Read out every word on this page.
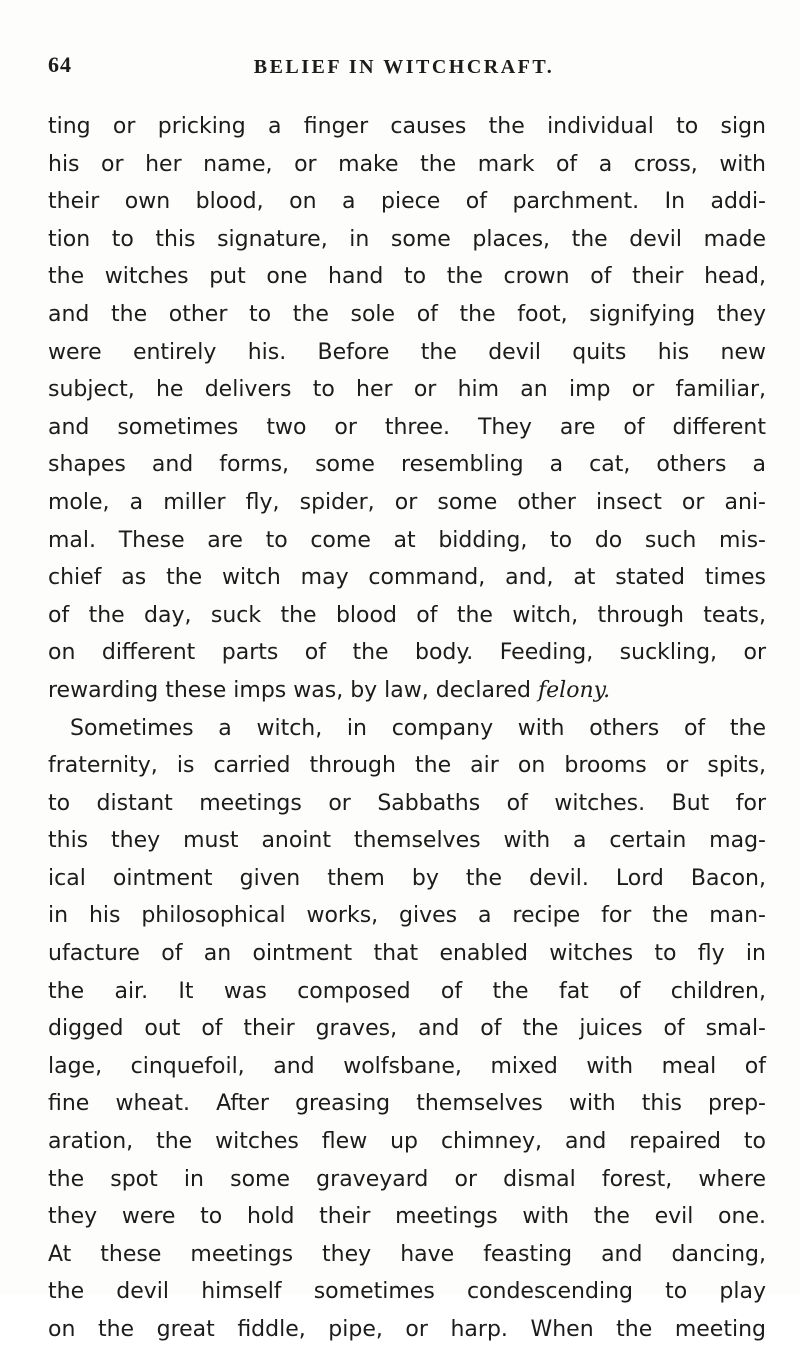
64	BELIEF IN WITCHCRAFT.
ting or pricking a finger causes the individual to sign
his or her name, or make the mark of a cross, with
their own blood, on a piece of parchment. In addi-
tion to this signature, in some places, the devil made
the witches put one hand to the crown of their head,
and the other to the sole of the foot, signifying they
were entirely his. Before the devil quits his new
subject, he delivers to her or him an imp or familiar,
and sometimes two or three. They are of different
shapes and forms, some resembling a cat, others a
mole, a miller fly, spider, or some other insect or ani-
mal. These are to come at bidding, to do such mis-
chief as the witch may command, and, at stated times
of the day, suck the blood of the witch, through teats,
on different parts of the body. Feeding, suckling, or
rewarding these imps was, by law, declared felony.
Sometimes a witch, in company with others of the
fraternity, is carried through the air on brooms or spits,
to distant meetings or Sabbaths of witches. But for
this they must anoint themselves with a certain mag-
ical ointment given them by the devil. Lord Bacon,
in his philosophical works, gives a recipe for the man-
ufacture of an ointment that enabled witches to fly in
the air. It was composed of the fat of children,
digged out of their graves, and of the juices of smal-
lage, cinquefoil, and wolfsbane, mixed with meal of
fine wheat. After greasing themselves with this prep-
aration, the witches flew up chimney, and repaired to
the spot in some graveyard or dismal forest, where
they were to hold their meetings with the evil one.
At these meetings they have feasting and dancing,
the devil himself sometimes condescending to play
on the great fiddle, pipe, or harp. When the meeting
